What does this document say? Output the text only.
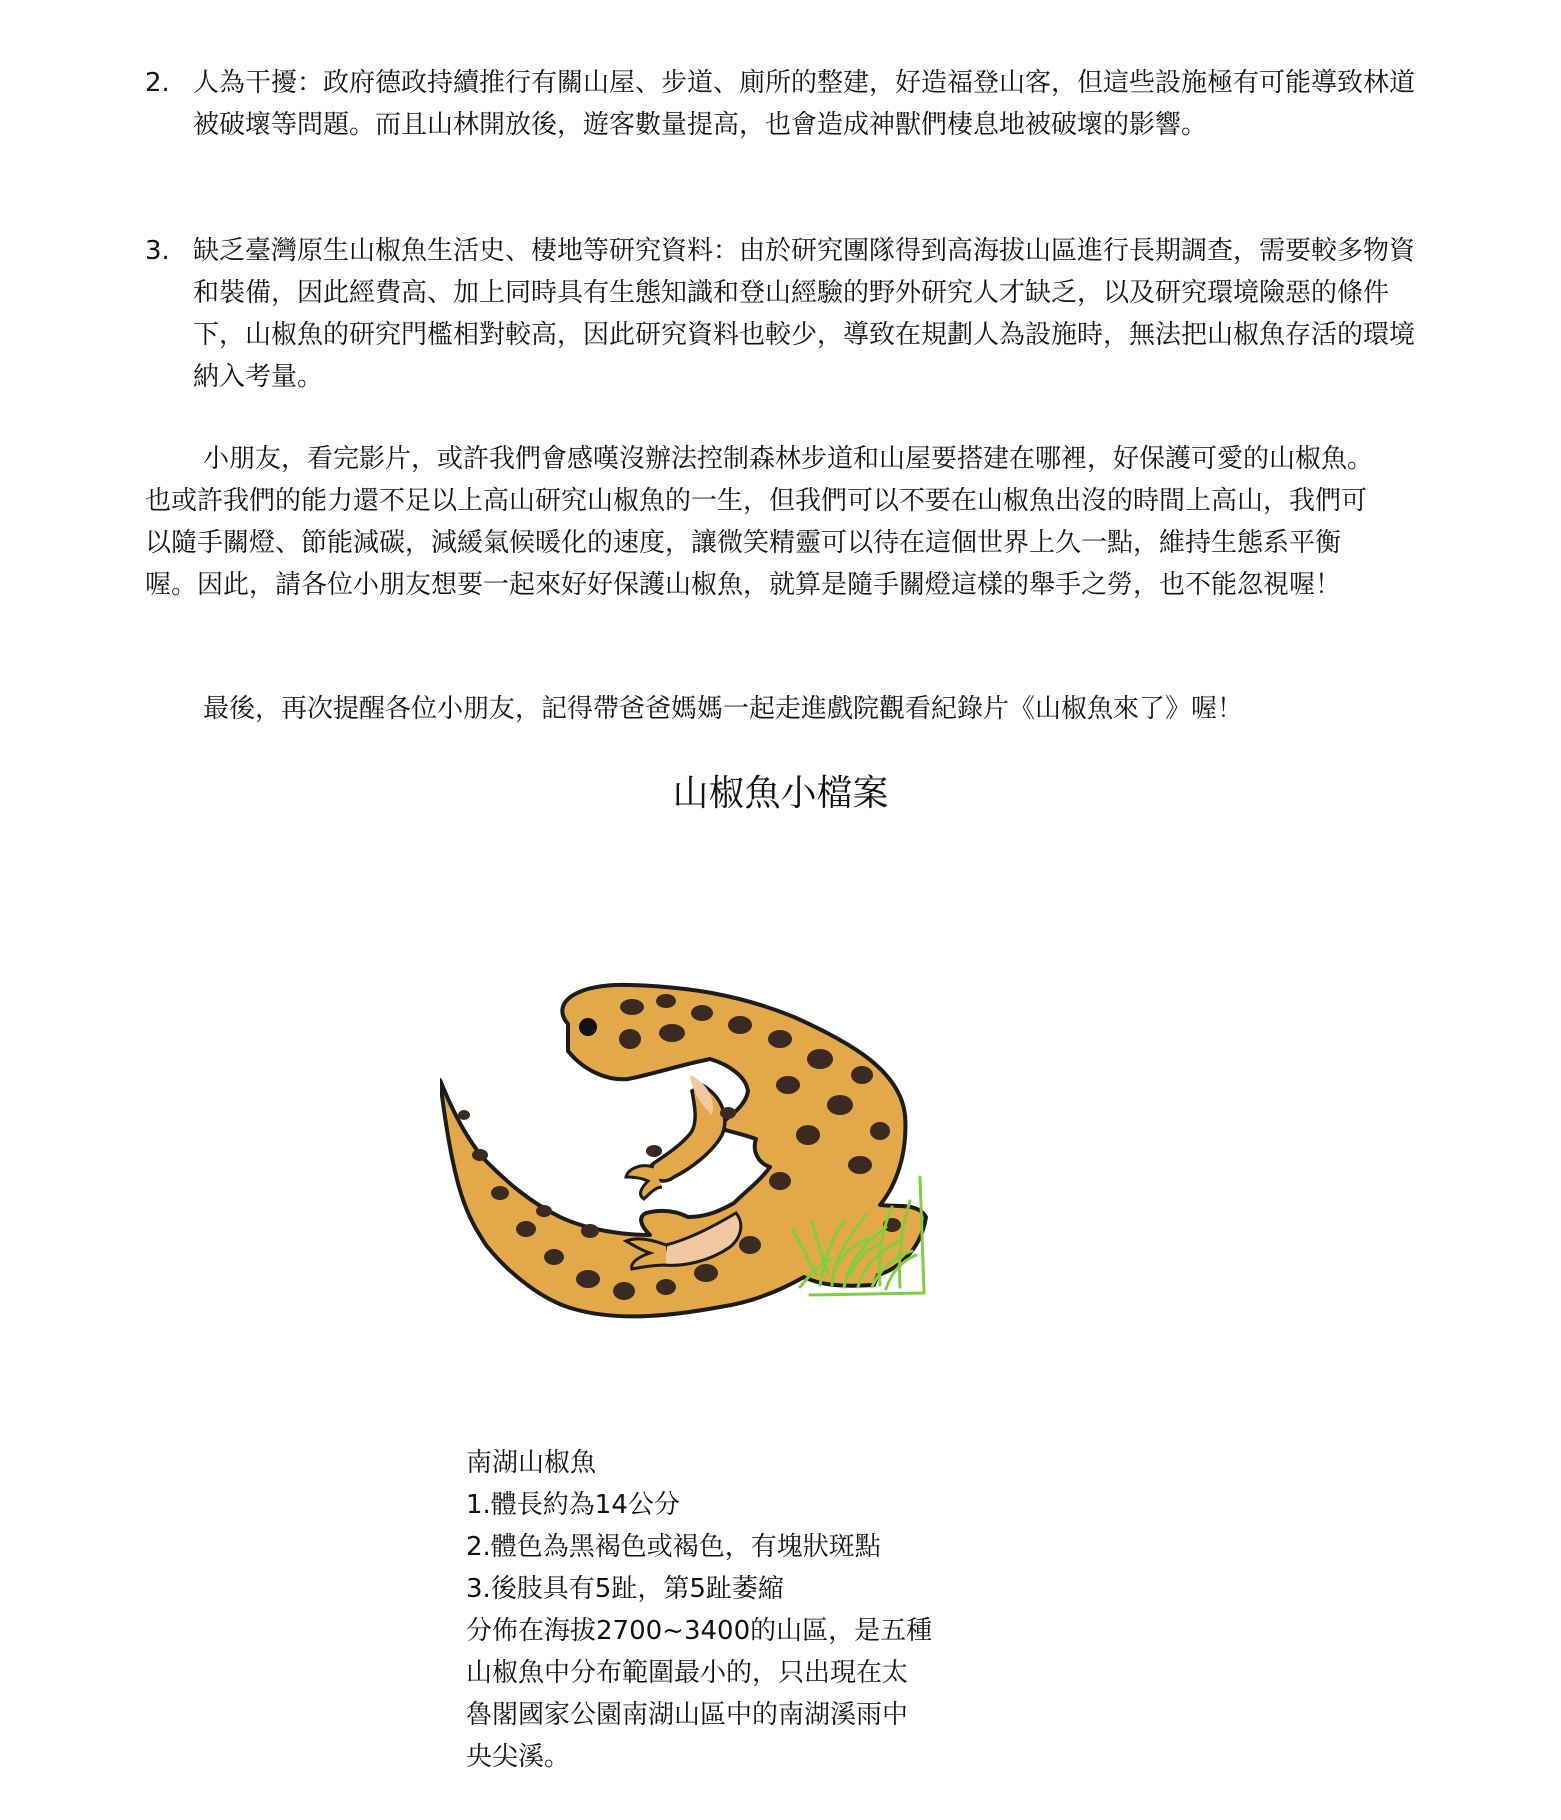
2. 人為干擾：政府德政持續推行有關山屋、步道、廁所的整建，好造福登山客，但這些設施極有可能導致林道被破壞等問題。而且山林開放後，遊客數量提高，也會造成神獸們棲息地被破壞的影響。
3. 缺乏臺灣原生山椒魚生活史、棲地等研究資料：由於研究團隊得到高海拔山區進行長期調查，需要較多物資和裝備，因此經費高、加上同時具有生態知識和登山經驗的野外研究人才缺乏，以及研究環境險惡的條件下，山椒魚的研究門檻相對較高，因此研究資料也較少，導致在規劃人為設施時，無法把山椒魚存活的環境納入考量。
小朋友，看完影片，或許我們會感嘆沒辦法控制森林步道和山屋要搭建在哪裡，好保護可愛的山椒魚。也或許我們的能力還不足以上高山研究山椒魚的一生，但我們可以不要在山椒魚出沒的時間上高山，我們可以隨手關燈、節能減碳，減緩氣候暖化的速度，讓微笑精靈可以待在這個世界上久一點，維持生態系平衡喔。因此，請各位小朋友想要一起來好好保護山椒魚，就算是隨手關燈這樣的舉手之勞，也不能忽視喔！
最後，再次提醒各位小朋友，記得帶爸爸媽媽一起走進戲院觀看紀錄片《山椒魚來了》喔！
山椒魚小檔案
南湖山椒魚
1.體長約為14公分
2.體色為黑褐色或褐色，有塊狀斑點
3.後肢具有5趾，第5趾萎縮
分佈在海拔2700~3400的山區，是五種
山椒魚中分布範圍最小的，只出現在太
魯閣國家公園南湖山區中的南湖溪雨中
央尖溪。
